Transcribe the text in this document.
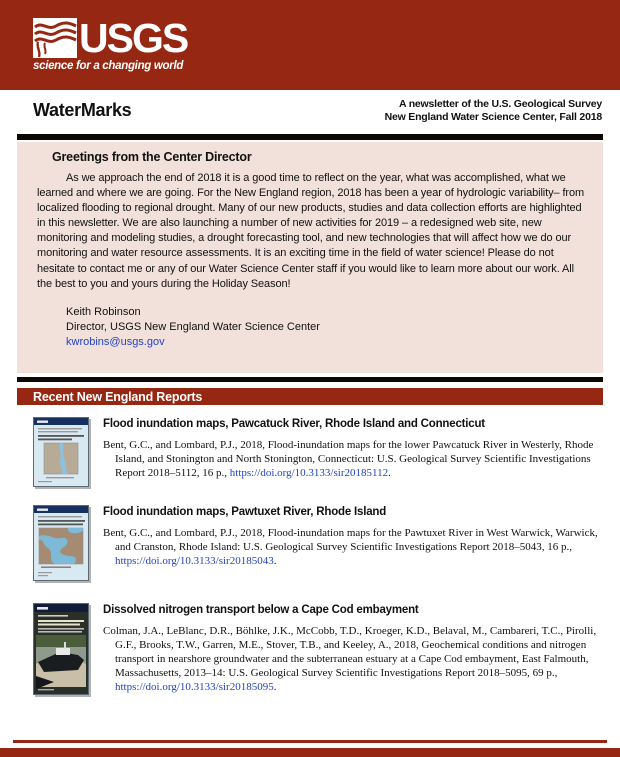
USGS
science for a changing world
WaterMarks	A newsletter of the U.S. Geological Survey
New England Water Science Center, Fall 2018
Greetings from the Center Director

As we approach the end of 2018 it is a good time to reflect on the year, what was accomplished, what we learned and where we are going. For the New England region, 2018 has been a year of hydrologic variability– from localized flooding to regional drought. Many of our new products, studies and data collection efforts are highlighted in this newsletter. We are also launching a number of new activities for 2019 – a redesigned web site, new monitoring and modeling studies, a drought forecasting tool, and new technologies that will affect how we do our monitoring and water resource assessments. It is an exciting time in the field of water science! Please do not hesitate to contact me or any of our Water Science Center staff if you would like to learn more about our work. All the best to you and yours during the Holiday Season!

Keith Robinson
Director, USGS New England Water Science Center
kwrobins@usgs.gov
Recent New England Reports
Flood inundation maps, Pawcatuck River, Rhode Island and Connecticut

Bent, G.C., and Lombard, P.J., 2018, Flood-inundation maps for the lower Pawcatuck River in Westerly, Rhode Island, and Stonington and North Stonington, Connecticut: U.S. Geological Survey Scientific Investigations Report 2018–5112, 16 p., https://doi.org/10.3133/sir20185112.

Flood inundation maps, Pawtuxet River, Rhode Island

Bent, G.C., and Lombard, P.J., 2018, Flood-inundation maps for the Pawtuxet River in West Warwick, Warwick, and Cranston, Rhode Island: U.S. Geological Survey Scientific Investigations Report 2018–5043, 16 p., https://doi.org/10.3133/sir20185043.

Dissolved nitrogen transport below a Cape Cod embayment

Colman, J.A., LeBlanc, D.R., Böhlke, J.K., McCobb, T.D., Kroeger, K.D., Belaval, M., Cambareri, T.C., Pirolli, G.F., Brooks, T.W., Garren, M.E., Stover, T.B., and Keeley, A., 2018, Geochemical conditions and nitrogen transport in nearshore groundwater and the subterranean estuary at a Cape Cod embayment, East Falmouth, Massachusetts, 2013–14: U.S. Geological Survey Scientific Investigations Report 2018–5095, 69 p., https://doi.org/10.3133/sir20185095.
